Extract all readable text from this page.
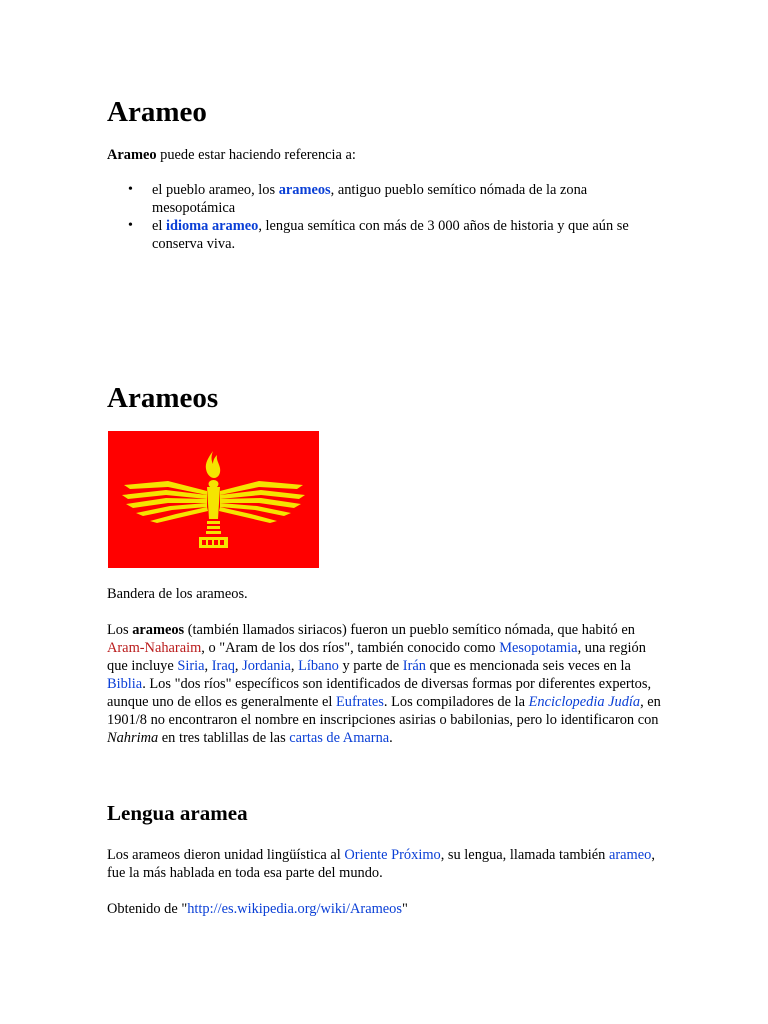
Arameo

Arameo puede estar haciendo referencia a:

• el pueblo arameo, los arameos, antiguo pueblo semítico nómada de la zona mesopotámica
• el idioma arameo, lengua semítica con más de 3 000 años de historia y que aún se conserva viva.
Arameos

Bandera de los arameos.

Los arameos (también llamados siriacos) fueron un pueblo semítico nómada, que habitó en Aram-Naharaim, o "Aram de los dos ríos", también conocido como Mesopotamia, una región que incluye Siria, Iraq, Jordania, Líbano y parte de Irán que es mencionada seis veces en la Biblia. Los "dos ríos" específicos son identificados de diversas formas por diferentes expertos, aunque uno de ellos es generalmente el Eufrates. Los compiladores de la Enciclopedia Judía, en 1901/8 no encontraron el nombre en inscripciones asirias o babilonias, pero lo identificaron con Nahrima en tres tablillas de las cartas de Amarna.

Lengua aramea

Los arameos dieron unidad lingüística al Oriente Próximo, su lengua, llamada también arameo, fue la más hablada en toda esa parte del mundo.

Obtenido de "http://es.wikipedia.org/wiki/Arameos"
